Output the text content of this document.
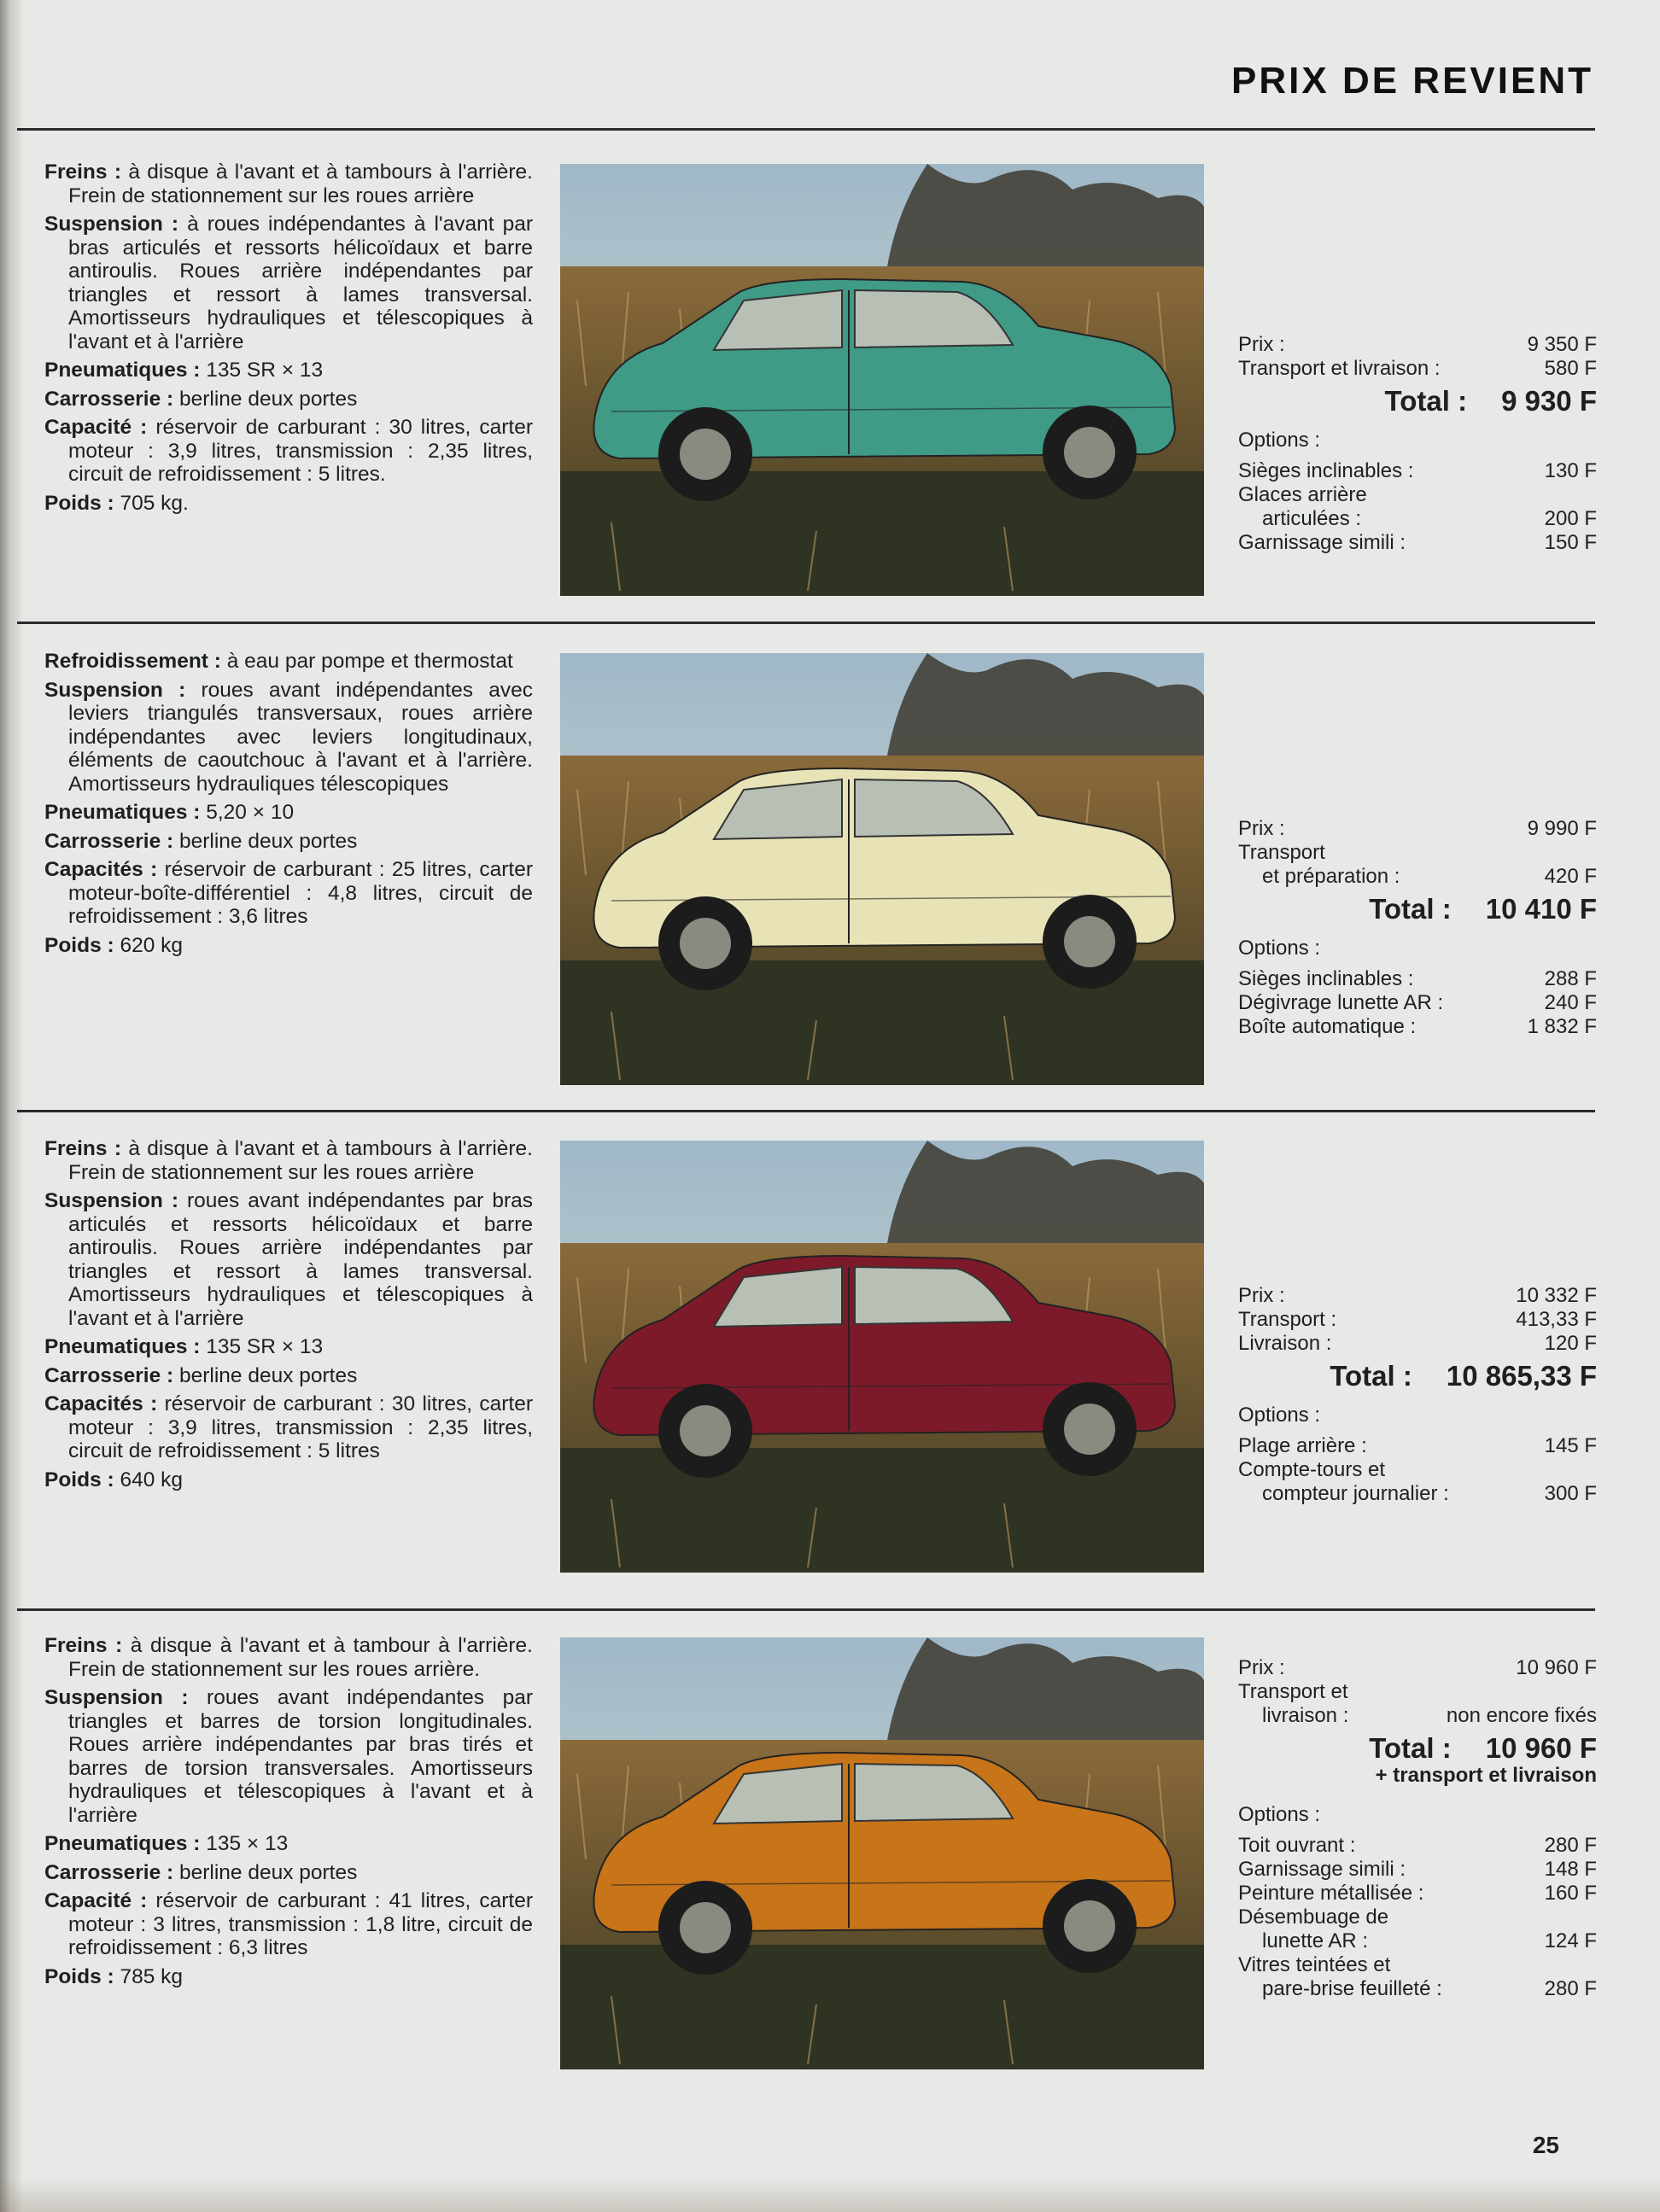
PRIX DE REVIENT

Freins : à disque à l'avant et à tambours à l'arrière. Frein de stationnement sur les roues arrière

Suspension : à roues indépendantes à l'avant par bras articulés et ressorts hélicoïdaux et barre antiroulis. Roues arrière indépendantes par triangles et ressort à lames transversal. Amortisseurs hydrauliques et télescopiques à l'avant et à l'arrière

Pneumatiques : 135 SR × 13

Carrosserie : berline deux portes

Capacité : réservoir de carburant : 30 litres, carter moteur : 3,9 litres, transmission : 2,35 litres, circuit de refroidissement : 5 litres.

Poids : 705 kg.

Prix :	9 350 F
Transport et livraison :	580 F
Total : 9 930 F
Options :
Sièges inclinables :	130 F
Glaces arrière
articulées :	200 F
Garnissage simili :	150 F

Refroidissement : à eau par pompe et thermostat

Suspension : roues avant indépendantes avec leviers triangulés transversaux, roues arrière indépendantes avec leviers longitudinaux, éléments de caoutchouc à l'avant et à l'arrière. Amortisseurs hydrauliques télescopiques

Pneumatiques : 5,20 × 10

Carrosserie : berline deux portes

Capacités : réservoir de carburant : 25 litres, carter moteur-boîte-différentiel : 4,8 litres, circuit de refroidissement : 3,6 litres

Poids : 620 kg

Prix :	9 990 F
Transport
et préparation :	420 F
Total : 10 410 F
Options :
Sièges inclinables :	288 F
Dégivrage lunette AR :	240 F
Boîte automatique :	1 832 F

Freins : à disque à l'avant et à tambours à l'arrière. Frein de stationnement sur les roues arrière

Suspension : roues avant indépendantes par bras articulés et ressorts hélicoïdaux et barre antiroulis. Roues arrière indépendantes par triangles et ressort à lames transversal. Amortisseurs hydrauliques et télescopiques à l'avant et à l'arrière

Pneumatiques : 135 SR × 13

Carrosserie : berline deux portes

Capacités : réservoir de carburant : 30 litres, carter moteur : 3,9 litres, transmission : 2,35 litres, circuit de refroidissement : 5 litres

Poids : 640 kg

Prix :	10 332 F
Transport :	413,33 F
Livraison :	120 F
Total : 10 865,33 F
Options :
Plage arrière :	145 F
Compte-tours et
compteur journalier :	300 F

Freins : à disque à l'avant et à tambour à l'arrière. Frein de stationnement sur les roues arrière.

Suspension : roues avant indépendantes par triangles et barres de torsion longitudinales. Roues arrière indépendantes par bras tirés et barres de torsion transversales. Amortisseurs hydrauliques et télescopiques à l'avant et à l'arrière

Pneumatiques : 135 × 13

Carrosserie : berline deux portes

Capacité : réservoir de carburant : 41 litres, carter moteur : 3 litres, transmission : 1,8 litre, circuit de refroidissement : 6,3 litres

Poids : 785 kg

Prix :	10 960 F
Transport et
livraison :	non encore fixés
Total : 10 960 F
+ transport et livraison
Options :
Toit ouvrant :	280 F
Garnissage simili :	148 F
Peinture métallisée :	160 F
Désembuage de
lunette AR :	124 F
Vitres teintées et
pare-brise feuilleté :	280 F
25
